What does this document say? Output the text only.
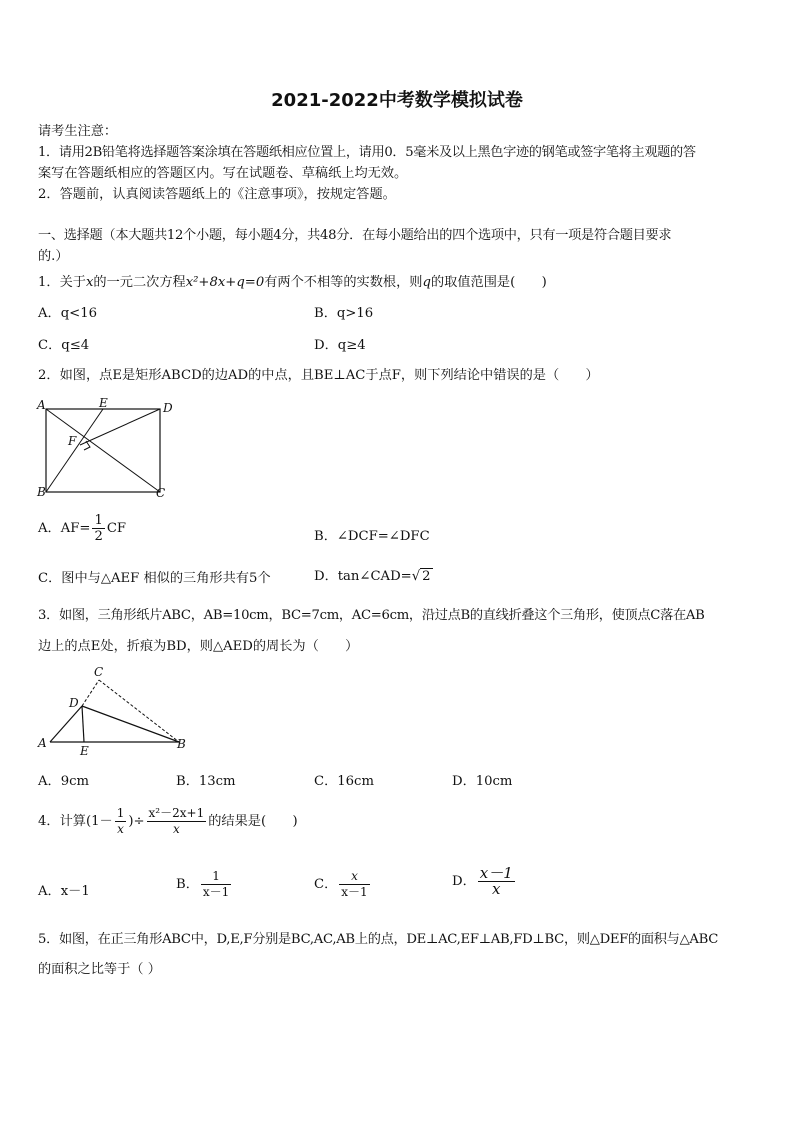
2021-2022中考数学模拟试卷
请考生注意：
1．请用2B铅笔将选择题答案涂填在答题纸相应位置上，请用0．5毫米及以上黑色字迹的钢笔或签字笔将主观题的答
案写在答题纸相应的答题区内。写在试题卷、草稿纸上均无效。
2．答题前，认真阅读答题纸上的《注意事项》，按规定答题。
一、选择题（本大题共12个小题，每小题4分，共48分．在每小题给出的四个选项中，只有一项是符合题目要求
的.）
1．关于x的一元二次方程x²+8x+q=0有两个不相等的实数根，则q的取值范围是(　　)
A．q<16	B．q>16
C．q≤4	D．q≥4
2．如图，点E是矩形ABCD的边AD的中点，且BE⊥AC于点F，则下列结论中错误的是（　　）
A	E	D
F
B	C
A．$AF= \frac{1}{2}$ CF
B．∠DCF=∠DFC
C．图中与△AEF 相似的三角形共有5个	D．tan∠CAD=√ 2
3．如图，三角形纸片ABC，AB=10cm，BC=7cm，AC=6cm，沿过点B的直线折叠这个三角形，使顶点C落在AB
边上的点E处，折痕为BD，则△AED的周长为（　　）
C
D
A
E	B
A．9cm	B．13cm	C．16cm	D．10cm
4．计算($1- \frac{1}{x}$ )÷ $\frac{\text{x²－2x+1}}{x}$ 的结果是(　　)
A．x－1	B． $\frac{1}{x-1}$	C． $\frac{x}{x-1}$	D． $\frac{x-1}{x}$
5．如图，在正三角形ABC中，D,E,F分别是BC,AC,AB上的点，DE⊥AC,EF⊥AB,FD⊥BC，则△DEF的面积与△ABC
的面积之比等于（ ）
